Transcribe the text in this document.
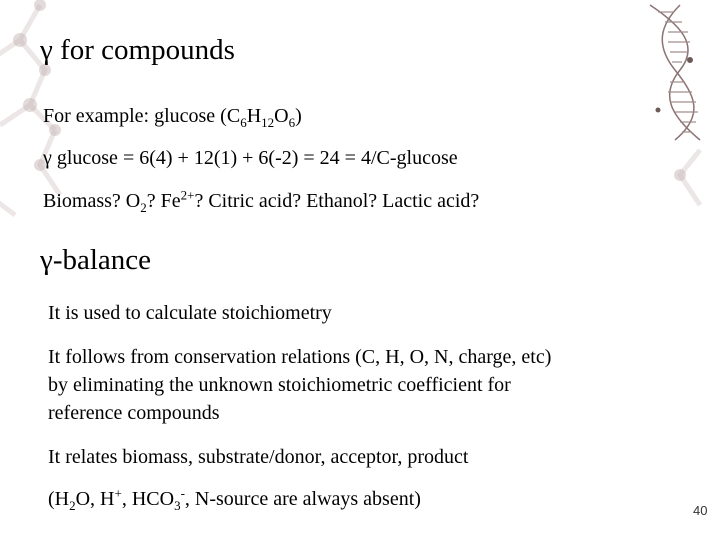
γ for compounds
For example: glucose $(C_6H_{12}O_6)$
γ glucose = 6(4) + 12(1) + 6(-2) = 24 = 4/C-glucose
Biomass? $O_2$? $Fe^{2+}$? Citric acid? Ethanol? Lactic acid?
γ-balance
It is used to calculate stoichiometry
It follows from conservation relations (C, H, O, N, charge, etc)
by eliminating the unknown stoichiometric coefficient for
reference compounds
It relates biomass, substrate/donor, acceptor, product
($H_2O$, H+, $HCO_3^-$, N-source are always absent)
40
